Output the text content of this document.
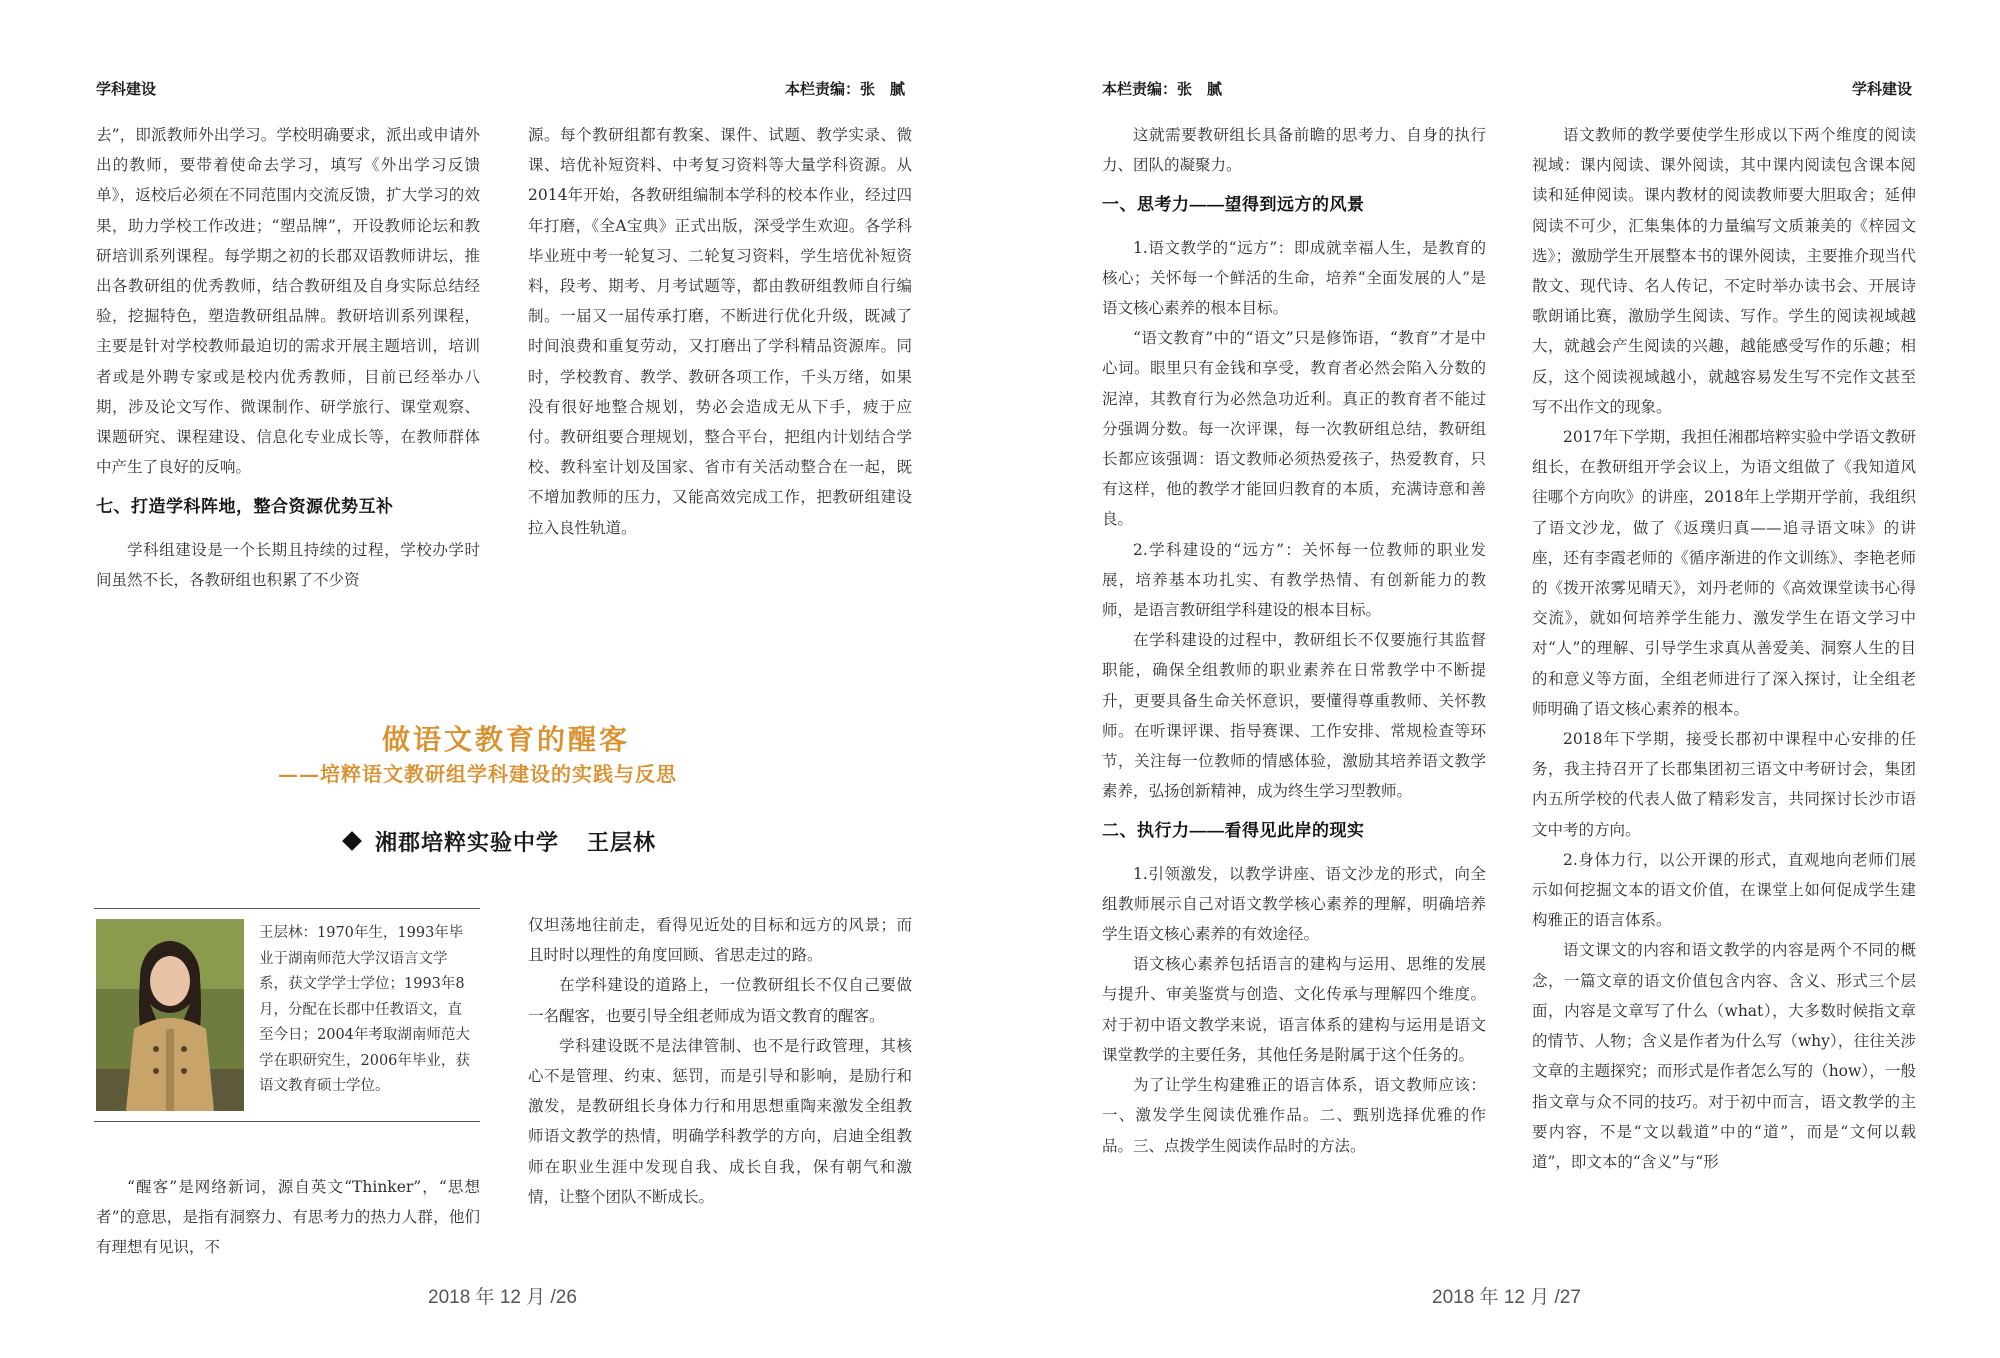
学科建设	本栏责编：张　腻

去”，即派教师外出学习。学校明确要求，派出或申请外出的教师，要带着使命去学习，填写《外出学习反馈单》，返校后必须在不同范围内交流反馈，扩大学习的效果，助力学校工作改进；“塑品牌”，开设教师论坛和教研培训系列课程。每学期之初的长郡双语教师讲坛，推出各教研组的优秀教师，结合教研组及自身实际总结经验，挖掘特色，塑造教研组品牌。教研培训系列课程，主要是针对学校教师最迫切的需求开展主题培训，培训者或是外聘专家或是校内优秀教师，目前已经举办八期，涉及论文写作、微课制作、研学旅行、课堂观察、课题研究、课程建设、信息化专业成长等，在教师群体中产生了良好的反响。

七、打造学科阵地，整合资源优势互补

学科组建设是一个长期且持续的过程，学校办学时间虽然不长，各教研组也积累了不少资

源。每个教研组都有教案、课件、试题、教学实录、微课、培优补短资料、中考复习资料等大量学科资源。从2014年开始，各教研组编制本学科的校本作业，经过四年打磨，《全A宝典》正式出版，深受学生欢迎。各学科毕业班中考一轮复习、二轮复习资料，学生培优补短资料，段考、期考、月考试题等，都由教研组教师自行编制。一届又一届传承打磨，不断进行优化升级，既减了时间浪费和重复劳动，又打磨出了学科精品资源库。同时，学校教育、教学、教研各项工作，千头万绪，如果没有很好地整合规划，势必会造成无从下手，疲于应付。教研组要合理规划，整合平台，把组内计划结合学校、教科室计划及国家、省市有关活动整合在一起，既不增加教师的压力，又能高效完成工作，把教研组建设拉入良性轨道。

做语文教育的醒客
——培粹语文教研组学科建设的实践与反思
湘郡培粹实验中学 王层林
王层林：1970年生，1993年毕业于湖南师范大学汉语言文学系，获文学学士学位；1993年8月，分配在长郡中任教语文，直至今日；2004年考取湖南师范大学在职研究生，2006年毕业，获语文教育硕士学位。

“醒客”是网络新词，源自英文“Thinker”，“思想者”的意思，是指有洞察力、有思考力的热力人群，他们有理想有见识，不

仅坦荡地往前走，看得见近处的目标和远方的风景；而且时时以理性的角度回顾、省思走过的路。

在学科建设的道路上，一位教研组长不仅自己要做一名醒客，也要引导全组老师成为语文教育的醒客。

学科建设既不是法律管制、也不是行政管理，其核心不是管理、约束、惩罚，而是引导和影响，是励行和激发，是教研组长身体力行和用思想重陶来激发全组教师语文教学的热情，明确学科教学的方向，启迪全组教师在职业生涯中发现自我、成长自我，保有朝气和激情，让整个团队不断成长。

2018 年 12 月 /26
本栏责编：张　腻	学科建设

这就需要教研组长具备前瞻的思考力、自身的执行力、团队的凝聚力。

一、思考力——望得到远方的风景

1.语文教学的“远方”：即成就幸福人生，是教育的核心；关怀每一个鲜活的生命，培养“全面发展的人”是语文核心素养的根本目标。

“语文教育”中的“语文”只是修饰语，“教育”才是中心词。眼里只有金钱和享受，教育者必然会陷入分数的泥淖，其教育行为必然急功近利。真正的教育者不能过分强调分数。每一次评课，每一次教研组总结，教研组长都应该强调：语文教师必须热爱孩子，热爱教育，只有这样，他的教学才能回归教育的本质，充满诗意和善良。

2.学科建设的“远方”：关怀每一位教师的职业发展，培养基本功扎实、有教学热情、有创新能力的教师，是语言教研组学科建设的根本目标。

在学科建设的过程中，教研组长不仅要施行其监督职能，确保全组教师的职业素养在日常教学中不断提升，更要具备生命关怀意识，要懂得尊重教师、关怀教师。在听课评课、指导赛课、工作安排、常规检查等环节，关注每一位教师的情感体验，激励其培养语文教学素养，弘扬创新精神，成为终生学习型教师。

二、执行力——看得见此岸的现实

1.引领激发，以教学讲座、语文沙龙的形式，向全组教师展示自己对语文教学核心素养的理解，明确培养学生语文核心素养的有效途径。

语文核心素养包括语言的建构与运用、思维的发展与提升、审美鉴赏与创造、文化传承与理解四个维度。对于初中语文教学来说，语言体系的建构与运用是语文课堂教学的主要任务，其他任务是附属于这个任务的。

为了让学生构建雅正的语言体系，语文教师应该：一、激发学生阅读优雅作品。二、甄别选择优雅的作品。三、点拨学生阅读作品时的方法。

语文教师的教学要使学生形成以下两个维度的阅读视域：课内阅读、课外阅读，其中课内阅读包含课本阅读和延伸阅读。课内教材的阅读教师要大胆取舍；延伸阅读不可少，汇集集体的力量编写文质兼美的《梓园文选》；激励学生开展整本书的课外阅读，主要推介现当代散文、现代诗、名人传记，不定时举办读书会、开展诗歌朗诵比赛，激励学生阅读、写作。学生的阅读视域越大，就越会产生阅读的兴趣，越能感受写作的乐趣；相反，这个阅读视域越小，就越容易发生写不完作文甚至写不出作文的现象。

2017年下学期，我担任湘郡培粹实验中学语文教研组长，在教研组开学会议上，为语文组做了《我知道风往哪个方向吹》的讲座，2018年上学期开学前，我组织了语文沙龙，做了《返璞归真——追寻语文味》的讲座，还有李霞老师的《循序渐进的作文训练》、李艳老师的《拨开浓雾见晴天》，刘丹老师的《高效课堂读书心得交流》，就如何培养学生能力、激发学生在语文学习中对“人”的理解、引导学生求真从善爱美、洞察人生的目的和意义等方面，全组老师进行了深入探讨，让全组老师明确了语文核心素养的根本。

2018年下学期，接受长郡初中课程中心安排的任务，我主持召开了长郡集团初三语文中考研讨会，集团内五所学校的代表人做了精彩发言，共同探讨长沙市语文中考的方向。

2.身体力行，以公开课的形式，直观地向老师们展示如何挖掘文本的语文价值，在课堂上如何促成学生建构雅正的语言体系。

语文课文的内容和语文教学的内容是两个不同的概念，一篇文章的语文价值包含内容、含义、形式三个层面，内容是文章写了什么（what），大多数时候指文章的情节、人物；含义是作者为什么写（why），往往关涉文章的主题探究；而形式是作者怎么写的（how），一般指文章与众不同的技巧。对于初中而言，语文教学的主要内容，不是“文以载道”中的“道”，而是“文何以载道”，即文本的“含义”与“形

2018 年 12 月 /27
